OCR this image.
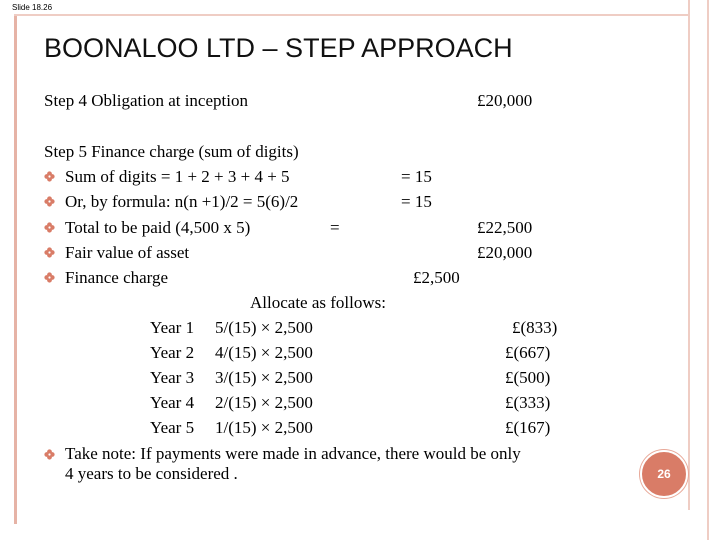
Slide 18.26
BOONALOO LTD – STEP APPROACH
Step 4 Obligation at inception	£20,000
Step 5 Finance charge (sum of digits)
Sum of digits = 1 + 2 + 3 + 4 + 5	= 15
Or, by formula: n(n +1)/2 = 5(6)/2	= 15
Total to be paid (4,500 x 5)	=	£22,500
Fair value of asset	£20,000
Finance charge	£2,500
Allocate as follows:
Year 1 5/(15) × 2,500	£(833)
Year 2 4/(15) × 2,500	£(667)
Year 3 3/(15) × 2,500	£(500)
Year 4 2/(15) × 2,500	£(333)
Year 5 1/(15) × 2,500	£(167)
Take note: If payments were made in advance, there would be only
4 years to be considered .	26
